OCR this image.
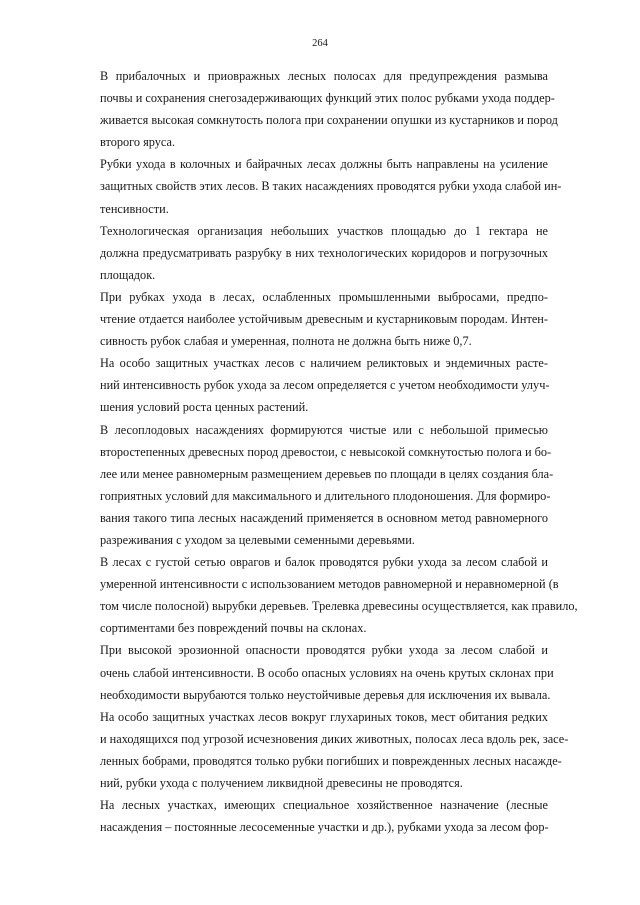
264

В прибалочных и приовражных лесных полосах для предупреждения размыва
почвы и сохранения снегозадерживающих функций этих полос рубками ухода поддер-
живается высокая сомкнутость полога при сохранении опушки из кустарников и пород
второго яруса.

Рубки ухода в колочных и байрачных лесах должны быть направлены на усиление
защитных свойств этих лесов. В таких насаждениях проводятся рубки ухода слабой ин-
тенсивности.

Технологическая организация небольших участков площадью до 1 гектара не
должна предусматривать разрубку в них технологических коридоров и погрузочных
площадок.

При рубках ухода в лесах, ослабленных промышленными выбросами, предпо-
чтение отдается наиболее устойчивым древесным и кустарниковым породам. Интен-
сивность рубок слабая и умеренная, полнота не должна быть ниже 0,7.

На особо защитных участках лесов с наличием реликтовых и эндемичных расте-
ний интенсивность рубок ухода за лесом определяется с учетом необходимости улуч-
шения условий роста ценных растений.

В лесоплодовых насаждениях формируются чистые или с небольшой примесью
второстепенных древесных пород древостои, с невысокой сомкнутостью полога и бо-
лее или менее равномерным размещением деревьев по площади в целях создания бла-
гоприятных условий для максимального и длительного плодоношения. Для формиро-
вания такого типа лесных насаждений применяется в основном метод равномерного
разреживания с уходом за целевыми семенными деревьями.

В лесах с густой сетью оврагов и балок проводятся рубки ухода за лесом слабой и
умеренной интенсивности с использованием методов равномерной и неравномерной (в
том числе полосной) вырубки деревьев. Трелевка древесины осуществляется, как правило,
сортиментами без повреждений почвы на склонах.

При высокой эрозионной опасности проводятся рубки ухода за лесом слабой и
очень слабой интенсивности. В особо опасных условиях на очень крутых склонах при
необходимости вырубаются только неустойчивые деревья для исключения их вывала.

На особо защитных участках лесов вокруг глухариных токов, мест обитания редких
и находящихся под угрозой исчезновения диких животных, полосах леса вдоль рек, засе-
ленных бобрами, проводятся только рубки погибших и поврежденных лесных насажде-
ний, рубки ухода с получением ликвидной древесины не проводятся.

На лесных участках, имеющих специальное хозяйственное назначение (лесные
насаждения – постоянные лесосеменные участки и др.), рубками ухода за лесом фор-
